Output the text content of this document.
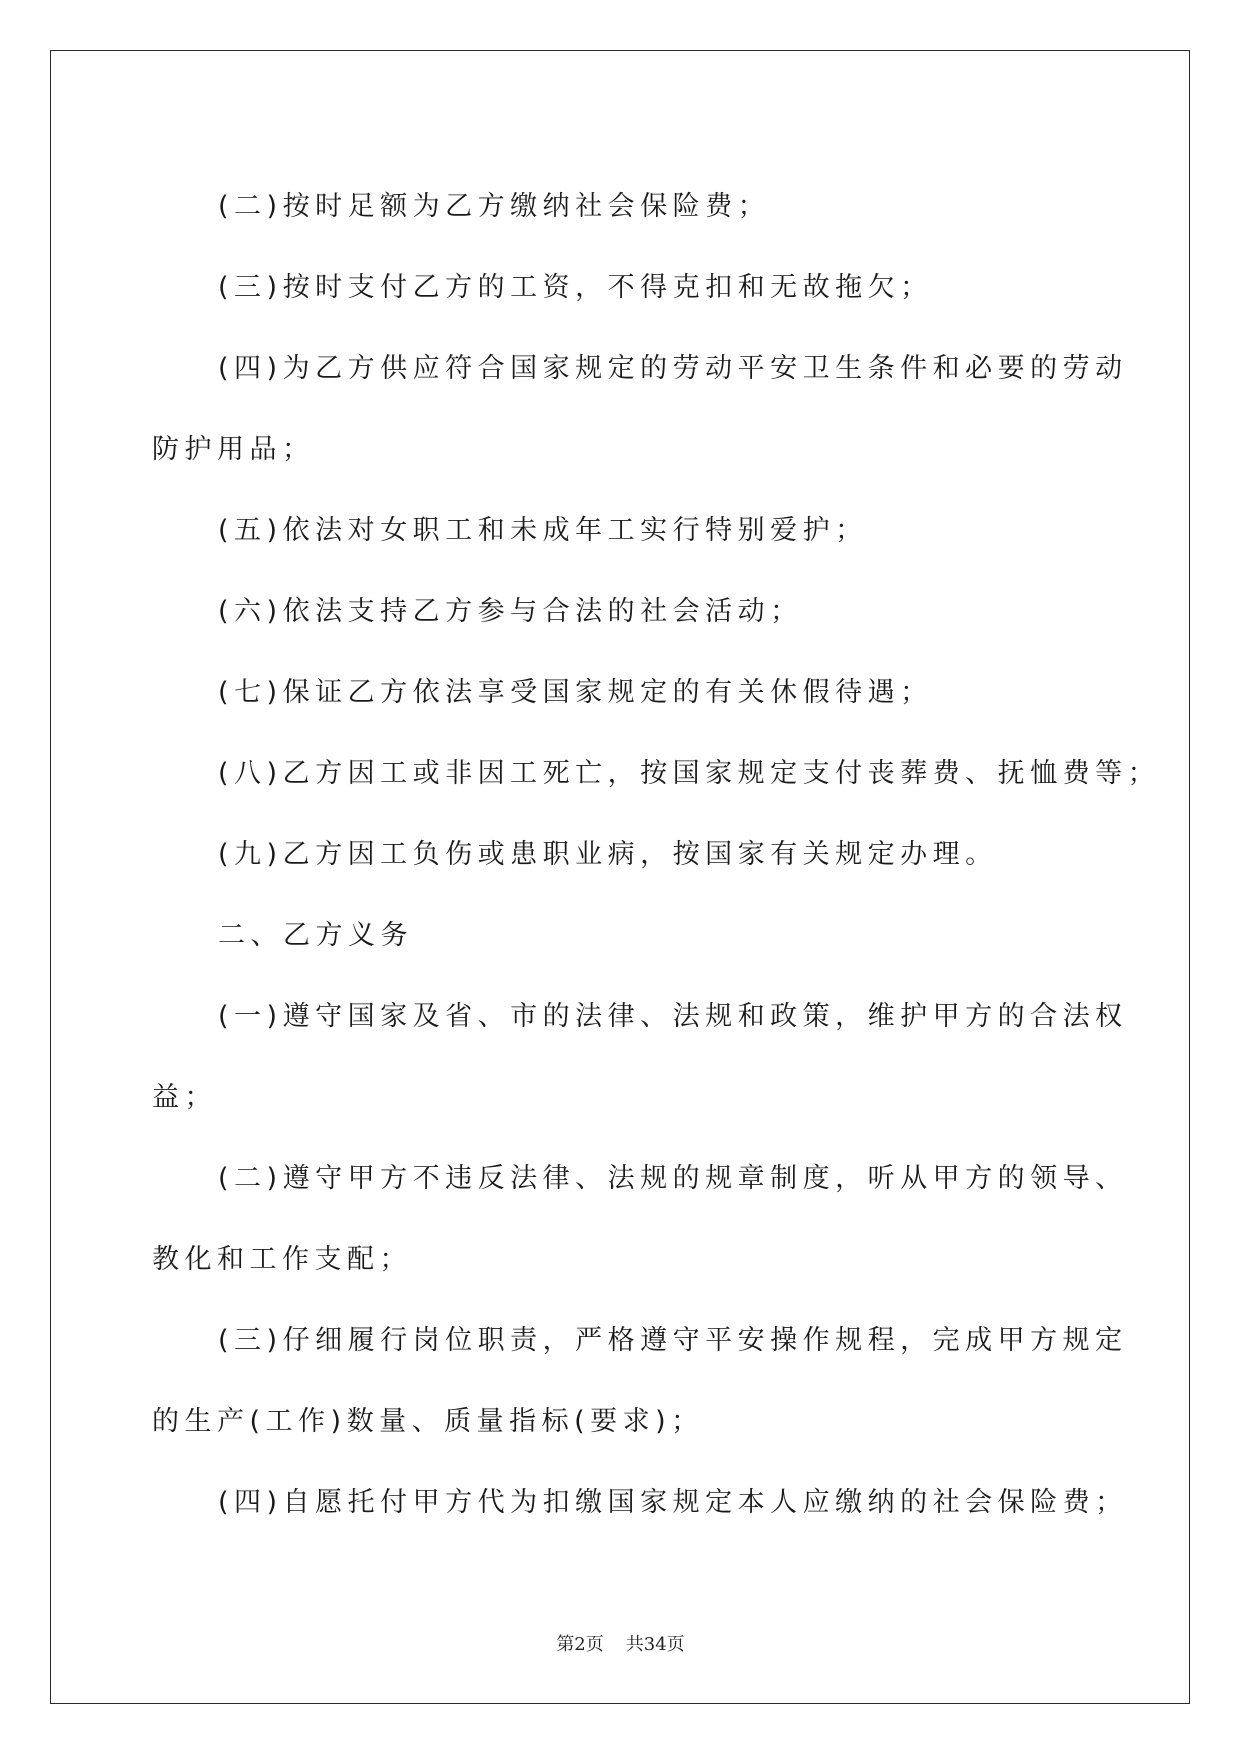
(二)按时足额为乙方缴纳社会保险费；

(三)按时支付乙方的工资，不得克扣和无故拖欠；

(四)为乙方供应符合国家规定的劳动平安卫生条件和必要的劳动

防护用品；

(五)依法对女职工和未成年工实行特别爱护；

(六)依法支持乙方参与合法的社会活动；

(七)保证乙方依法享受国家规定的有关休假待遇；

(八)乙方因工或非因工死亡，按国家规定支付丧葬费、抚恤费等；

(九)乙方因工负伤或患职业病，按国家有关规定办理。

二、乙方义务

(一)遵守国家及省、市的法律、法规和政策，维护甲方的合法权

益；

(二)遵守甲方不违反法律、法规的规章制度，听从甲方的领导、

教化和工作支配；

(三)仔细履行岗位职责，严格遵守平安操作规程，完成甲方规定

的生产(工作)数量、质量指标(要求)；

(四)自愿托付甲方代为扣缴国家规定本人应缴纳的社会保险费；

第2页 共34页
